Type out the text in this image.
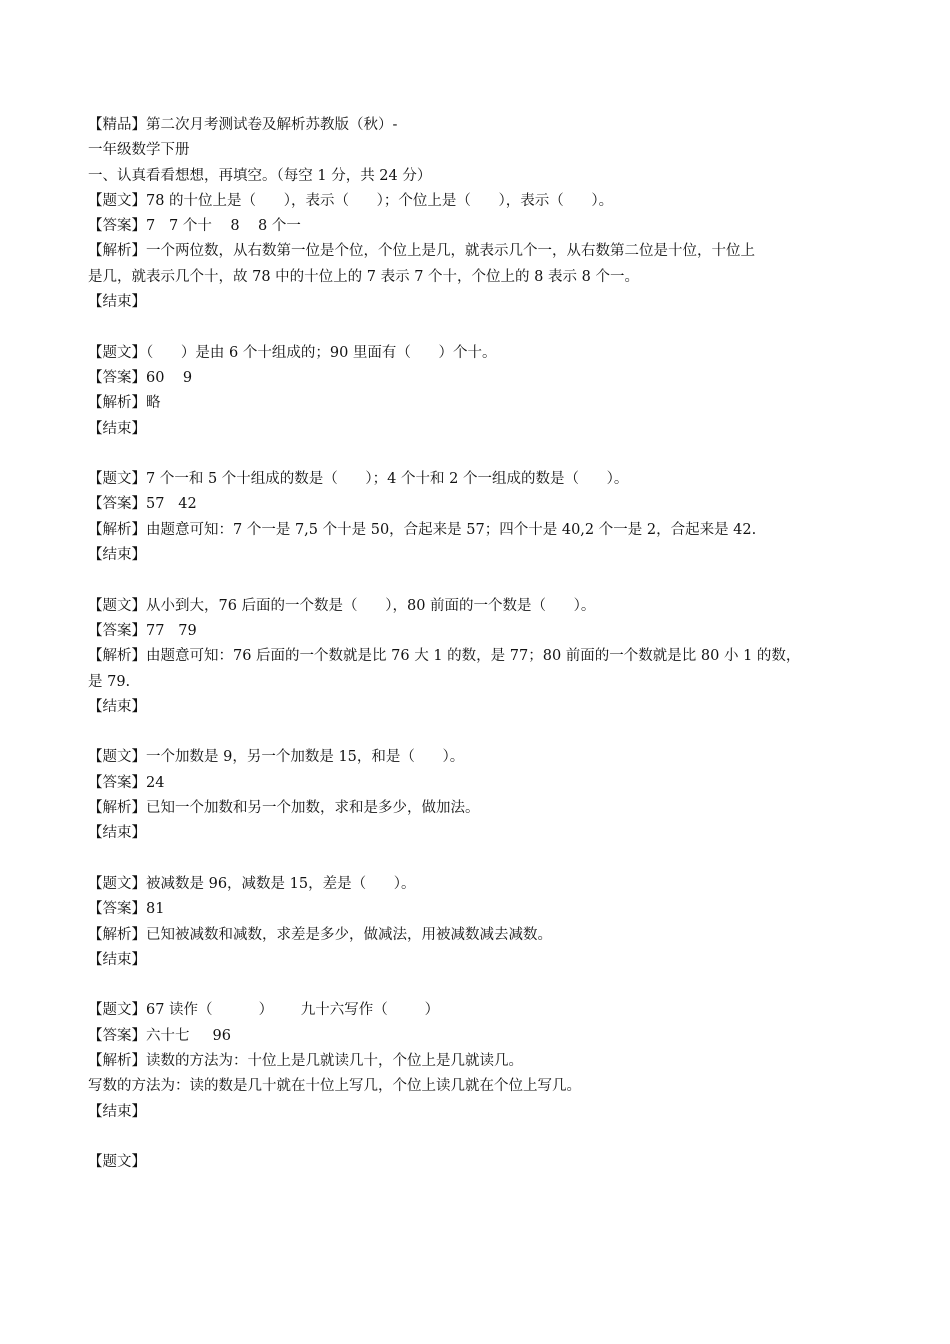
【精品】第二次月考测试卷及解析苏教版（秋）-
一年级数学下册
一、认真看看想想，再填空。（每空 1 分，共 24 分）
【题文】78 的十位上是（      ），表示（      ）；个位上是（      ），表示（      ）。
【答案】7   7 个十    8    8 个一
【解析】一个两位数，从右数第一位是个位，个位上是几，就表示几个一，从右数第二位是十位，十位上
是几，就表示几个十，故 78 中的十位上的 7 表示 7 个十，个位上的 8 表示 8 个一。
【结束】
【题文】（      ）是由 6 个十组成的；90 里面有（      ）个十。
【答案】60    9
【解析】略
【结束】
【题文】7 个一和 5 个十组成的数是（      ）；4 个十和 2 个一组成的数是（      ）。
【答案】57   42
【解析】由题意可知：7 个一是 7,5 个十是 50，合起来是 57；四个十是 40,2 个一是 2，合起来是 42.
【结束】
【题文】从小到大，76 后面的一个数是（      ），80 前面的一个数是（      ）。
【答案】77   79
【解析】由题意可知：76 后面的一个数就是比 76 大 1 的数，是 77；80 前面的一个数就是比 80 小 1 的数，
是 79.
【结束】
【题文】一个加数是 9，另一个加数是 15，和是（      ）。
【答案】24
【解析】已知一个加数和另一个加数，求和是多少，做加法。
【结束】
【题文】被减数是 96，减数是 15，差是（      ）。
【答案】81
【解析】已知被减数和减数，求差是多少，做减法，用被减数减去减数。
【结束】
【题文】67 读作（          ）      九十六写作（        ）
【答案】六十七     96
【解析】读数的方法为：十位上是几就读几十，个位上是几就读几。
写数的方法为：读的数是几十就在十位上写几，个位上读几就在个位上写几。
【结束】
【题文】
